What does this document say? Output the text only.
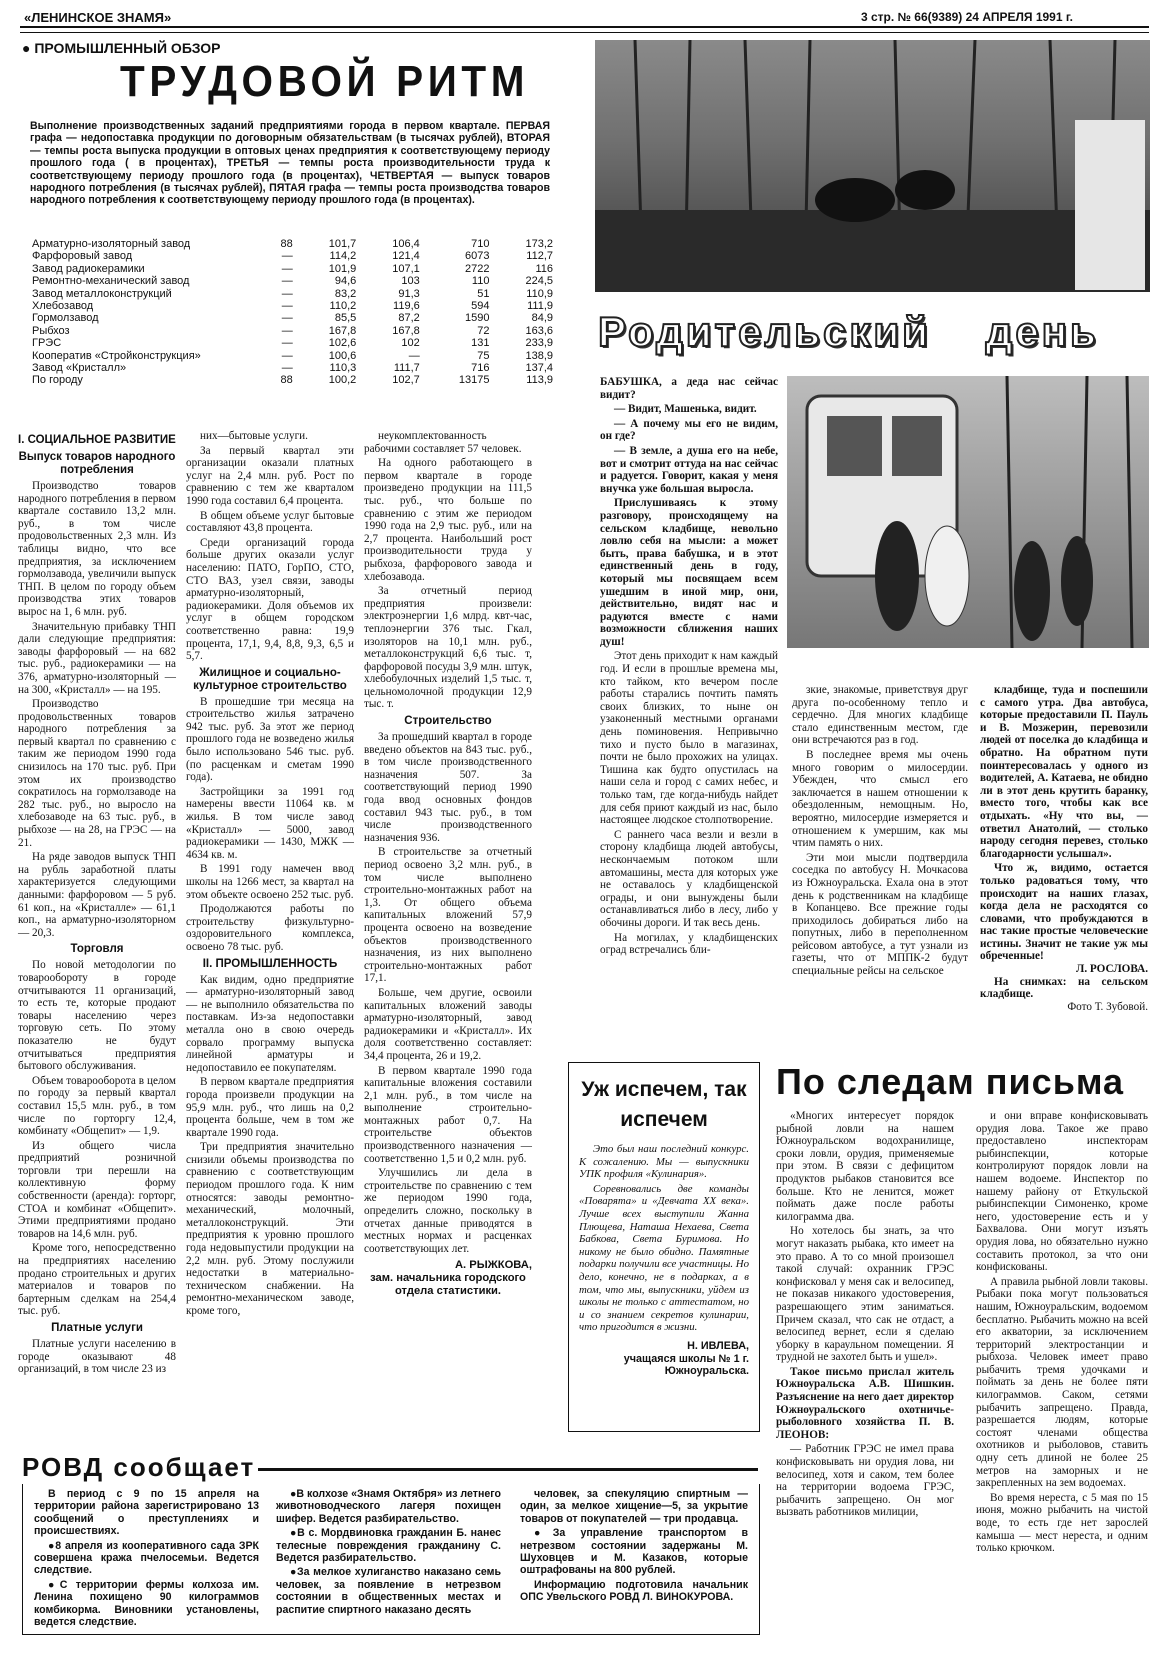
«ЛЕНИНСКОЕ ЗНАМЯ»	3 стр. № 66(9389) 24 АПРЕЛЯ 1991 г.
● ПРОМЫШЛЕННЫЙ ОБЗОР
ТРУДОВОЙ РИТМ
Выполнение производственных заданий предприятиями города в первом квартале. ПЕРВАЯ графа — недопоставка продукции по договорным обязательствам (в тысячах рублей), ВТОРАЯ — темпы роста выпуска продукции в оптовых ценах предприятия к соответствующему периоду прошлого года ( в процентах), ТРЕТЬЯ — темпы роста производительности труда к соответствующему периоду прошлого года (в процентах), ЧЕТВЕРТАЯ — выпуск товаров народного потребления (в тысячах рублей), ПЯТАЯ графа — темпы роста производства товаров народного потребления к соответствующему периоду прошлого года (в процентах).
Арматурно-изоляторный завод	88	101,7	106,4	710	173,2
Фарфоровый завод	—	114,2	121,4	6073	112,7
Завод радиокерамики	—	101,9	107,1	2722	116
Ремонтно-механический завод	—	94,6	103	110	224,5
Завод металлоконструкций	—	83,2	91,3	51	110,9
Хлебозавод	—	110,2	119,6	594	111,9
Гормолзавод	—	85,5	87,2	1590	84,9
Рыбхоз	—	167,8	167,8	72	163,6
ГРЭС	—	102,6	102	131	233,9
Кооператив «Стройконструкция»	—	100,6	—	75	138,9
Завод «Кристалл»	—	110,3	111,7	716	137,4
По городу	88	100,2	102,7	13175	113,9
I. СОЦИАЛЬНОЕ РАЗВИТИЕ
Выпуск товаров народного потребления

Производство товаров народного потребления в первом квартале составило 13,2 млн. руб., в том числе продовольственных 2,3 млн. Из таблицы видно, что все предприятия, за исключением гормолзавода, увеличили выпуск ТНП. В целом по городу объем производства этих товаров вырос на 1, 6 млн. руб.

Значительную прибавку ТНП дали следующие предприятия: заводы фарфоровый — на 682 тыс. руб., радиокерамики — на 376, арматурно-изоляторный — на 300, «Кристалл» — на 195.

Производство продовольственных товаров народного потребления за первый квартал по сравнению с таким же периодом 1990 года снизилось на 170 тыс. руб. При этом их производство сократилось на гормолзаводе на 282 тыс. руб., но выросло на хлебозаводе на 63 тыс. руб., в рыбхозе — на 28, на ГРЭС — на 21.

На ряде заводов выпуск ТНП на рубль заработной платы характеризуется следующими данными: фарфоровом — 5 руб. 61 коп., на «Кристалле» — 61,1 коп., на арматурно-изоляторном — 20,3.

Торговля

По новой методологии по товарообороту в городе отчитываются 11 организаций, то есть те, которые продают товары населению через торговую сеть. По этому показателю не будут отчитываться предприятия бытового обслуживания.

Объем товарооборота в целом по городу за первый квартал составил 15,5 млн. руб., в том числе по горторгу 12,4, комбинату «Общепит» — 1,9.

Из общего числа предприятий розничной торговли три перешли на коллективную форму собственности (аренда): горторг, СТОА и комбинат «Общепит». Этими предприятиями продано товаров на 14,6 млн. руб.

Кроме того, непосредственно на предприятиях населению продано строительных и других материалов и товаров по бартерным сделкам на 254,4 тыс. руб.

Платные услуги

Платные услуги населению в городе оказывают 48 организаций, в том числе 23 из

них—бытовые услуги.

За первый квартал эти организации оказали платных услуг на 2,4 млн. руб. Рост по сравнению с тем же кварталом 1990 года составил 6,4 процента.

В общем объеме услуг бытовые составляют 43,8 процента.

Среди организаций города больше других оказали услуг населению: ПАТО, ГорПО, СТО, СТО ВАЗ, узел связи, заводы арматурно-изоляторный, радиокерамики. Доля объемов их услуг в общем городском соответственно равна: 19,9 процента, 17,1, 9,4, 8,8, 9,3, 6,5 и 5,7.

Жилищное и социально-культурное строительство

В прошедшие три месяца на строительство жилья затрачено 942 тыс. руб. За этот же период прошлого года не возведено жилья было использовано 546 тыс. руб. (по расценкам и сметам 1990 года).

Застройщики за 1991 год намерены ввести 11064 кв. м жилья. В том числе завод «Кристалл» — 5000, завод радиокерамики — 1430, МЖК — 4634 кв. м.

В 1991 году намечен ввод школы на 1266 мест, за квартал на этом объекте освоено 252 тыс. руб.

Продолжаются работы по строительству физкультурно-оздоровительного комплекса, освоено 78 тыс. руб.

II. ПРОМЫШЛЕННОСТЬ

Как видим, одно предприятие — арматурно-изоляторный завод — не выполнило обязательства по поставкам. Из-за недопоставки металла оно в свою очередь сорвало программу выпуска линейной арматуры и недопоставило ее покупателям.

В первом квартале предприятия города произвели продукции на 95,9 млн. руб., что лишь на 0,2 процента больше, чем в том же квартале 1990 года.

Три предприятия значительно снизили объемы производства по сравнению с соответствующим периодом прошлого года. К ним относятся: заводы ремонтно-механический, молочный, металлоконструкций. Эти предприятия к уровню прошлого года недовыпустили продукции на 2,2 млн. руб. Этому послужили недостатки в материально-техническом снабжении. На ремонтно-механическом заводе, кроме того,

неукомплектованность рабочими составляет 57 человек.

На одного работающего в первом квартале в городе произведено продукции на 111,5 тыс. руб., что больше по сравнению с этим же периодом 1990 года на 2,9 тыс. руб., или на 2,7 процента. Наибольший рост производительности труда у рыбхоза, фарфорового завода и хлебозавода.

За отчетный период предприятия произвели: электроэнергии 1,6 млрд. квт-час, теплоэнергии 376 тыс. Гкал, изоляторов на 10,1 млн. руб., металлоконструкций 6,6 тыс. т, фарфоровой посуды 3,9 млн. штук, хлебобулочных изделий 1,5 тыс. т, цельномолочной продукции 12,9 тыс. т.

Строительство

За прошедший квартал в городе введено объектов на 843 тыс. руб., в том числе производственного назначения 507. За соответствующий период 1990 года ввод основных фондов составил 943 тыс. руб., в том числе производственного назначения 936.

В строительстве за отчетный период освоено 3,2 млн. руб., в том числе выполнено строительно-монтажных работ на 1,3. От общего объема капитальных вложений 57,9 процента освоено на возведение объектов производственного назначения, из них выполнено строительно-монтажных работ 17,1.

Больше, чем другие, освоили капитальных вложений заводы арматурно-изоляторный, завод радиокерамики и «Кристалл». Их доля соответственно составляет: 34,4 процента, 26 и 19,2.

В первом квартале 1990 года капитальные вложения составили 2,1 млн. руб., в том числе на выполнение строительно-монтажных работ 0,7. На строительстве объектов производственного назначения — соответственно 1,5 и 0,2 млн. руб.

Улучшились ли дела в строительстве по сравнению с тем же периодом 1990 года, определить сложно, поскольку в отчетах данные приводятся в местных нормах и расценках соответствующих лет.

А. РЫЖКОВА,
зам. начальника городского отдела статистики.
Родительский день

БАБУШКА, а деда нас сейчас видит?

— Видит, Машенька, видит.

— А почему мы его не видим, он где?

— В земле, а душа его на небе, вот и смотрит оттуда на нас сейчас и радуется. Говорит, какая у меня внучка уже большая выросла.

Прислушиваясь к этому разговору, происходящему на сельском кладбище, невольно ловлю себя на мысли: а может быть, права бабушка, и в этот единственный день в году, который мы посвящаем всем ушедшим в иной мир, они, действительно, видят нас и радуются вместе с нами возможности сближения наших душ!

Этот день приходит к нам каждый год. И если в прошлые времена мы, кто тайком, кто вечером после работы старались почтить память своих близких, то ныне он узаконенный местными органами день поминовения. Непривычно тихо и пусто было в магазинах, почти не было прохожих на улицах. Тишина как будто опустилась на наши села и город с самих небес, и только там, где когда-нибудь найдет для себя приют каждый из нас, было настоящее людское столпотворение.

С раннего часа везли и везли в сторону кладбища людей автобусы, нескончаемым потоком шли автомашины, места для которых уже не оставалось у кладбищенской ограды, и они вынуждены были останавливаться либо в лесу, либо у обочины дороги. И так весь день.

На могилах, у кладбищенских оград встречались бли-

зкие, знакомые, приветствуя друг друга по-особенному тепло и сердечно. Для многих кладбище стало единственным местом, где они встречаются раз в год.

В последнее время мы очень много говорим о милосердии. Убежден, что смысл его заключается в нашем отношении к обездоленным, немощным. Но, вероятно, милосердие измеряется и отношением к умершим, как мы чтим память о них.

Эти мои мысли подтвердила соседка по автобусу Н. Мочкасова из Южноуральска. Ехала она в этот день к родственникам на кладбище в Копанцево. Все прежние годы приходилось добираться либо на попутных, либо в переполненном рейсовом автобусе, а тут узнали из газеты, что от МППК-2 будут специальные рейсы на сельское

кладбище, туда и поспешили с самого утра. Два автобуса, которые предоставили П. Пауль и В. Мозжерин, перевозили людей от поселка до кладбища и обратно. На обратном пути поинтересовалась у одного из водителей, А. Катаева, не обидно ли в этот день крутить баранку, вместо того, чтобы как все отдыхать. «Ну что вы, — ответил Анатолий, — столько народу сегодня перевез, столько благодарности услышал».

Что ж, видимо, остается только радоваться тому, что происходит на наших глазах, когда дела не расходятся со словами, что пробуждаются в нас такие простые человеческие истины. Значит не такие уж мы обреченные!

Л. РОСЛОВА.
На снимках: на сельском кладбище.
Фото Т. Зубовой.
Уж испечем, так испечем

Это был наш последний конкурс. К сожалению. Мы — выпускники УПК профиля «Кулинария».

Соревновались две команды «Поварята» и «Девчата XX века». Лучше всех выступили Жанна Плющева, Наташа Нехаева, Света Бабкова, Света Буримова. Но никому не было обидно. Памятные подарки получили все участницы. Но дело, конечно, не в подарках, а в том, что мы, выпускники, уйдем из школы не только с аттестатом, но и со знанием секретов кулинарии, что пригодится в жизни.

Н. ИВЛЕВА,
учащаяся школы № 1 г. Южноуральска.
По следам письма

«Многих интересует порядок рыбной ловли на нашем Южноуральском водохранилище, сроки ловли, орудия, применяемые при этом. В связи с дефицитом продуктов рыбаков становится все больше. Кто не ленится, может поймать даже после работы килограмма два.

Но хотелось бы знать, за что могут наказать рыбака, кто имеет на это право. А то со мной произошел такой случай: охранник ГРЭС конфисковал у меня сак и велосипед, не показав никакого удостоверения, разрешающего этим заниматься. Причем сказал, что сак не отдаст, а велосипед вернет, если я сделаю уборку в караульном помещении. Я трудной не захотел быть и ушел».

Такое письмо прислал житель Южноуральска А.В. Шишкин. Разъяснение на него дает директор Южноуральского охотничье-рыболовного хозяйства П. В. ЛЕОНОВ:

— Работник ГРЭС не имел права конфисковывать ни орудия лова, ни велосипед, хотя и саком, тем более на территории водоема ГРЭС, рыбачить запрещено. Он мог вызвать работников милиции,

и они вправе конфисковывать орудия лова. Такое же право предоставлено инспекторам рыбинспекции, которые контролируют порядок ловли на нашем водоеме. Инспектор по нашему району от Еткульской рыбинспекции Симоненко, кроме него, удостоверение есть и у Бахвалова. Они могут изъять орудия лова, но обязательно нужно составить протокол, за что они конфискованы.

А правила рыбной ловли таковы. Рыбаки пока могут пользоваться нашим, Южноуральским, водоемом бесплатно. Рыбачить можно на всей его акватории, за исключением территорий электростанции и рыбхоза. Человек имеет право рыбачить тремя удочками и поймать за день не более пяти килограммов. Саком, сетями рыбачить запрещено. Правда, разрешается людям, которые состоят членами общества охотников и рыболовов, ставить одну сеть длиной не более 25 метров на заморных и не закрепленных на зем водоемах.

Во время нереста, с 5 мая по 15 июня, можно рыбачить на чистой воде, то есть где нет зарослей камыша — мест нереста, и одним только крючком.

РОВД сообщает

В период с 9 по 15 апреля на территории района зарегистрировано 13 сообщений о преступлениях и происшествиях.

●8 апреля из кооперативного сада ЗРК совершена кража пчелосемьи. Ведется следствие.

●С территории фермы колхоза им. Ленина похищено 90 килограммов комбикорма. Виновники установлены, ведется следствие.

●В колхозе «Знамя Октября» из летнего животноводческого лагеря похищен шифер. Ведется разбирательство.

●В с. Мордвиновка гражданин Б. нанес телесные повреждения гражданину С. Ведется разбирательство.

●За мелкое хулиганство наказано семь человек, за появление в нетрезвом состоянии в общественных местах и распитие спиртного наказано десять

человек, за спекуляцию спиртным — один, за мелкое хищение—5, за укрытие товаров от покупателей — три продавца.

●За управление транспортом в нетрезвом состоянии задержаны М. Шуховцев и М. Казаков, которые оштрафованы на 800 рублей.

Информацию подготовила начальник ОПС Увельского РОВД Л. ВИНОКУРОВА.
